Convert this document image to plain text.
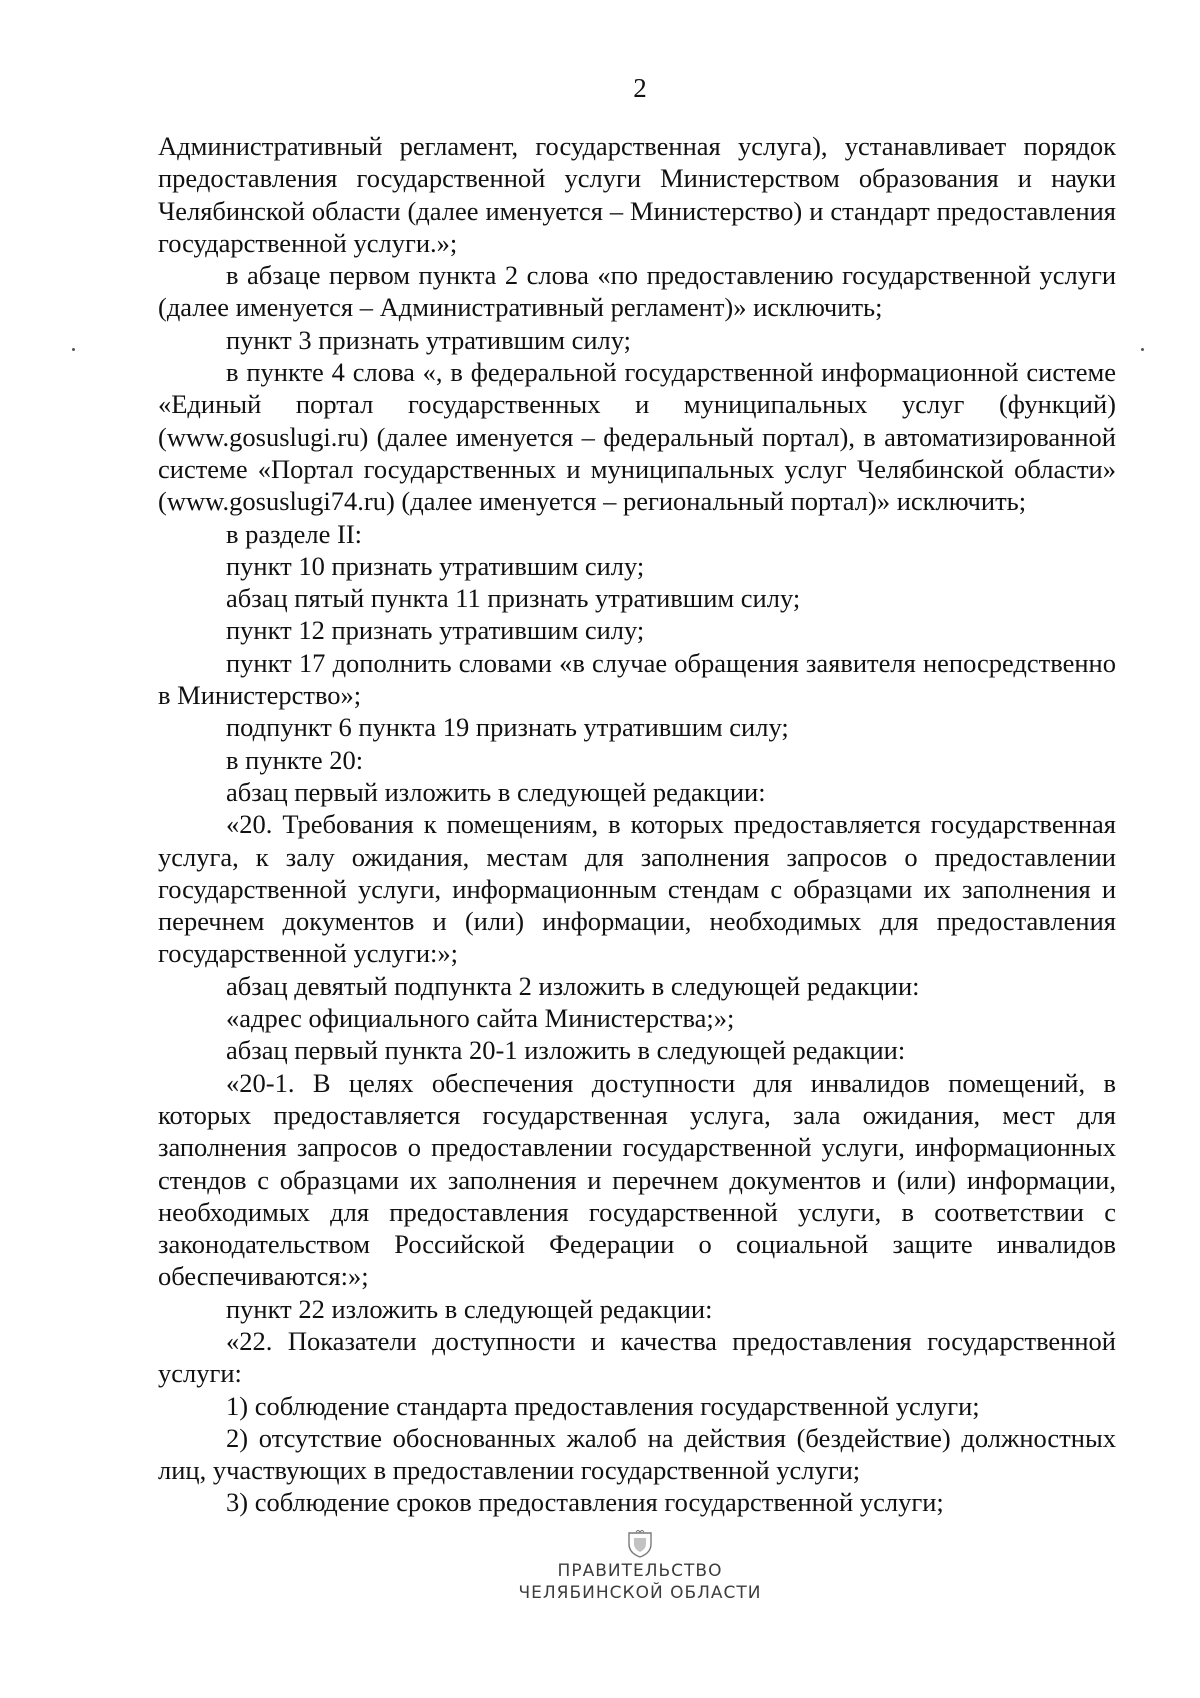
2

Административный регламент, государственная услуга), устанавливает порядок предоставления государственной услуги Министерством образования и науки Челябинской области (далее именуется – Министерство) и стандарт предоставления государственной услуги.»;

в абзаце первом пункта 2 слова «по предоставлению государственной услуги (далее именуется – Административный регламент)» исключить;

пункт 3 признать утратившим силу;

в пункте 4 слова «, в федеральной государственной информационной системе «Единый портал государственных и муниципальных услуг (функций) (www.gosuslugi.ru) (далее именуется – федеральный портал), в автоматизированной системе «Портал государственных и муниципальных услуг Челябинской области» (www.gosuslugi74.ru) (далее именуется – региональный портал)» исключить;

в разделе II:

пункт 10 признать утратившим силу;

абзац пятый пункта 11 признать утратившим силу;

пункт 12 признать утратившим силу;

пункт 17 дополнить словами «в случае обращения заявителя непосредственно в Министерство»;

подпункт 6 пункта 19 признать утратившим силу;

в пункте 20:

абзац первый изложить в следующей редакции:

«20. Требования к помещениям, в которых предоставляется государственная услуга, к залу ожидания, местам для заполнения запросов о предоставлении государственной услуги, информационным стендам с образцами их заполнения и перечнем документов и (или) информации, необходимых для предоставления государственной услуги:»;

абзац девятый подпункта 2 изложить в следующей редакции:

«адрес официального сайта Министерства;»;

абзац первый пункта 20-1 изложить в следующей редакции:

«20-1. В целях обеспечения доступности для инвалидов помещений, в которых предоставляется государственная услуга, зала ожидания, мест для заполнения запросов о предоставлении государственной услуги, информационных стендов с образцами их заполнения и перечнем документов и (или) информации, необходимых для предоставления государственной услуги, в соответствии с законодательством Российской Федерации о социальной защите инвалидов обеспечиваются:»;

пункт 22 изложить в следующей редакции:

«22. Показатели доступности и качества предоставления государственной услуги:

1) соблюдение стандарта предоставления государственной услуги;

2) отсутствие обоснованных жалоб на действия (бездействие) должностных лиц, участвующих в предоставлении государственной услуги;

3) соблюдение сроков предоставления государственной услуги;

ПРАВИТЕЛЬСТВО
ЧЕЛЯБИНСКОЙ ОБЛАСТИ
